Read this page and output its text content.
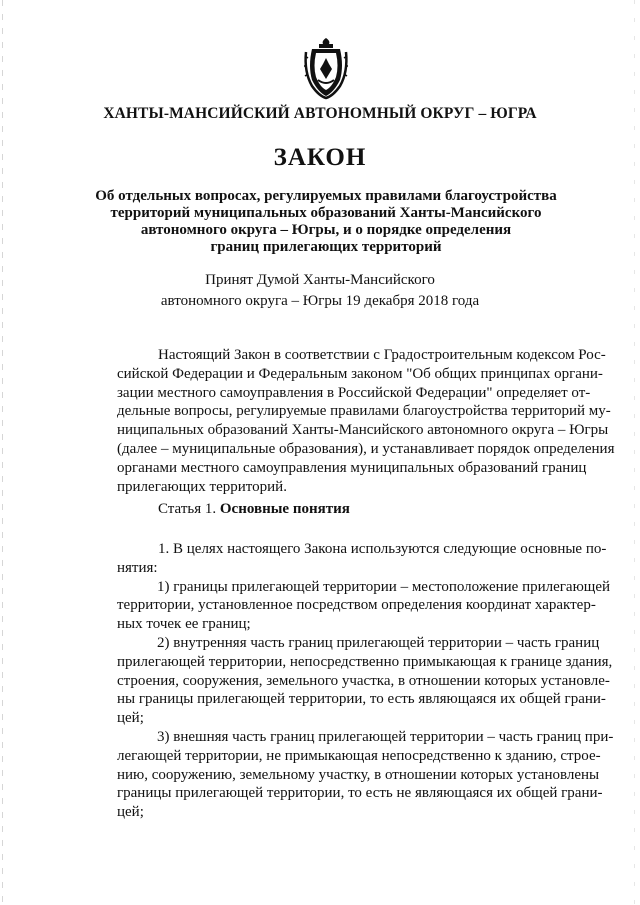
ХАНТЫ-МАНСИЙСКИЙ АВТОНОМНЫЙ ОКРУГ – ЮГРА
ЗАКОН
Об отдельных вопросах, регулируемых правилами благоустройства
территорий муниципальных образований Ханты-Мансийского
автономного округа – Югры, и о порядке определения
границ прилегающих территорий
Принят Думой Ханты-Мансийского
автономного округа – Югры 19 декабря 2018 года
Настоящий Закон в соответствии с Градостроительным кодексом Рос-
сийской Федерации и Федеральным законом "Об общих принципах органи-
зации местного самоуправления в Российской Федерации" определяет от-
дельные вопросы, регулируемые правилами благоустройства территорий му-
ниципальных образований Ханты-Мансийского автономного округа – Югры
(далее – муниципальные образования), и устанавливает порядок определения
органами местного самоуправления муниципальных образований границ
прилегающих территорий.
Статья 1. Основные понятия
1. В целях настоящего Закона используются следующие основные по-
нятия:
1) границы прилегающей территории – местоположение прилегающей
территории, установленное посредством определения координат характер-
ных точек ее границ;
2) внутренняя часть границ прилегающей территории – часть границ
прилегающей территории, непосредственно примыкающая к границе здания,
строения, сооружения, земельного участка, в отношении которых установле-
ны границы прилегающей территории, то есть являющаяся их общей грани-
цей;
3) внешняя часть границ прилегающей территории – часть границ при-
легающей территории, не примыкающая непосредственно к зданию, строе-
нию, сооружению, земельному участку, в отношении которых установлены
границы прилегающей территории, то есть не являющаяся их общей грани-
цей;
